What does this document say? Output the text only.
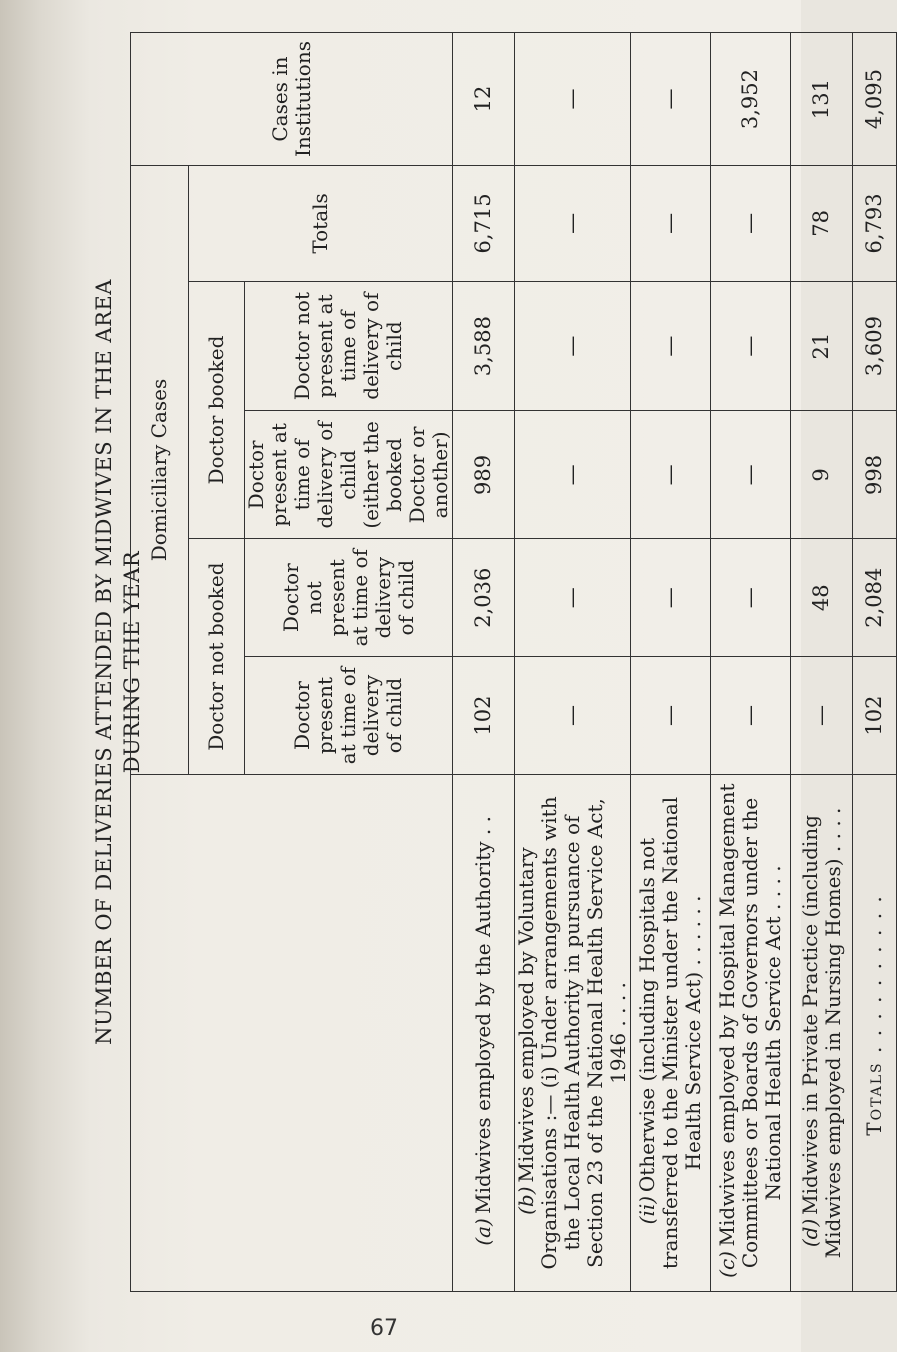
NUMBER OF DELIVERIES ATTENDED BY MIDWIVES IN THE AREA DURING THE YEAR
	Domiciliary Cases					Cases in Institutions
	Doctor not booked		Doctor booked		Totals	
	Doctor present at time of delivery of child	Doctor not present at time of delivery of child	Doctor present at time of delivery of child (either the booked Doctor or another)	Doctor not present at time of delivery of child		
(a)Midwives employed by the Authority . .	102	2,036	989	3,588	6,715	12
(b)Midwives employed by Voluntary Organisations :— (i) Under arrangements with the Local Health Authority in pursuance of Section 23 of the National Health Service Act, 1946 . . . .	—	—	—	—	—	—
(ii)Otherwise (including Hospitals not transferred to the Minister under the National Health Service Act) . . . . . .	—	—	—	—	—	—
(c)Midwives employed by Hospital Management Committees or Boards of Governors under the National Health Service Act . . . .	—	—	—	—	—	3,952
(d)Midwives in Private Practice (including Midwives employed in Nursing Homes) . . . .	—	48	9	21	78	131
Totals . . . . . . . . . .	102	2,084	998	3,609	6,793	4,095
67
